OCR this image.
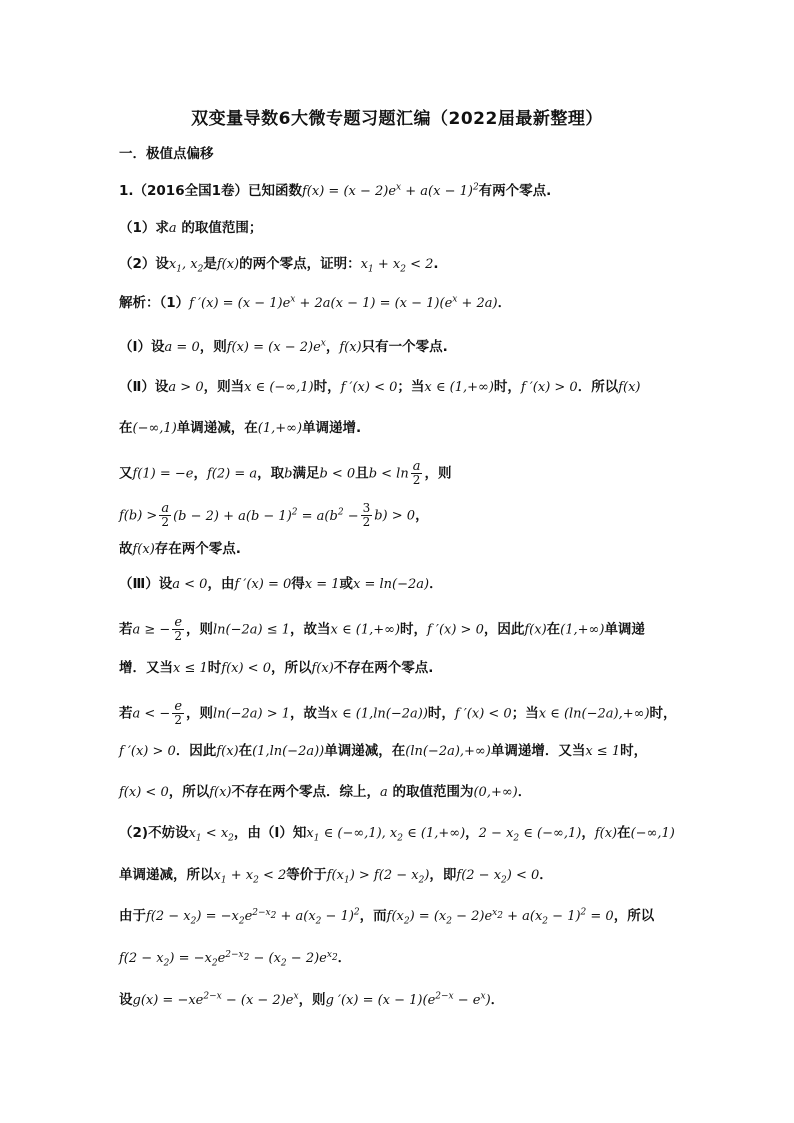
双变量导数6大微专题习题汇编（2022届最新整理）
一．极值点偏移
1.（2016全国1卷）已知函数$f(x) = (x - 2)e^x + a(x - 1)^2$有两个零点.
（1）求a 的取值范围；
（2）设$x_1$, $x_2$是f(x)的两个零点，证明：$x_1 + x_2 < 2$.
解析：（1）f $'(x) = (x - 1)e^x + 2a(x - 1) = (x - 1)(e^x + 2a)$．
（Ⅰ）设a = 0，则$f(x) = (x - 2)e^x$，f(x)只有一个零点.
（Ⅱ）设a > 0，则当x ∈ (−∞,1)时，f ′(x) < 0；当x ∈ (1,+∞)时，f ′(x) > 0．所以f(x)
在(−∞,1)单调递减，在(1,+∞)单调递增.
又f(1) = −e，f(2) = a，取b满足b < 0且$b < \ln \frac{a}{2}$ ，则
$f(b) > \frac{a}{2} (b - 2) + a(b - 1)^2 = a(b^2 - \frac{3}{2} b) > 0$，
故f(x)存在两个零点.
（Ⅲ）设a < 0，由f ′(x) = 0得x = 1或x = ln(−2a)．
若a ≥ − $\frac{e}{2}$ ，则ln(−2a) ≤ 1，故当x ∈ (1,+∞)时，f ′(x) > 0，因此f(x)在(1,+∞)单调递
增．又当x ≤ 1时f(x) < 0，所以f(x)不存在两个零点.
若a < − $\frac{e}{2}$ ，则ln(−2a) > 1，故当x ∈ (1,ln(−2a))时，f ′(x) < 0；当x ∈ (ln(−2a),+∞)时，
f ′(x) > 0．因此f(x)在(1,ln(−2a))单调递减，在(ln(−2a),+∞)单调递增．又当x ≤ 1时，
f(x) < 0，所以f(x)不存在两个零点．综上，a 的取值范围为(0,+∞)．
（2)不妨设$x_1 < x_2$，由（Ⅰ）知$x_1$ ∈ (−∞,1), $x_2$ ∈ (1,+∞)，$2 - x_2$ ∈ (−∞,1)，f(x)在(−∞,1)
单调递减，所以$x_1 + x_2 < 2$等价于$f(x_1) > f(2 - x_2)$，即$f(2 - x_2) < 0$．
由于$f(2 - x_2) = -x_2e^{2-x_2} + a(x_2 - 1)^2$，而$f(x_2) = (x_2 - 2)e^{x_2} + a(x_2 - 1)^2 = 0$，所以
$f(2 - x_2) = -x_2e^{2-x_2} - (x_2 - 2)e^{x_2}$．
设$g(x) = -xe^{2-x} - (x - 2)e^x$，则g $'(x) = (x - 1)(e^{2-x} - e^x)$．
